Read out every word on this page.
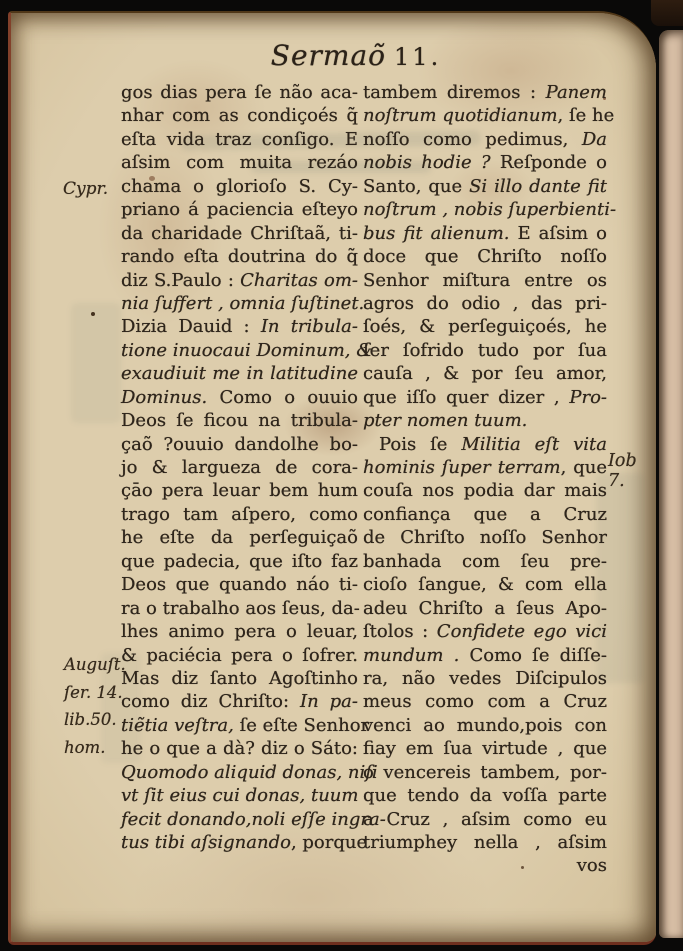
Sermaõ 11.
Cypr.
Auguſt.
ſer. 14.
lib.50.
hom.
Iob 7.
gos dias pera ſe não aca-
nhar com as condiçoés q̃
eſta vida traz conſigo. E
aſsim com muita rezáo
chama o glorioſo S. Cy-
priano á paciencia eſteyo
da charidade Chriſtaã, ti-
rando eſta doutrina do q̃
diz S.Paulo : Charitas om-
nia ſuffert , omnia ſuſtinet.
Dizia Dauid : In tribula-
tione inuocaui Dominum, &
exaudiuit me in latitudine
Dominus. Como o ouuio
Deos ſe ficou na tribula-
çaõ ?ouuio dandolhe bo-
jo & largueza de cora-
çāo pera leuar bem hum
trago tam aſpero, como
he eſte da perſeguiçaõ
que padecia, que iſto faz
Deos que quando náo ti-
ra o trabalho aos ſeus, da-
lhes animo pera o leuar,
& paciécia pera o ſofrer.
Mas diz ſanto Agoſtinho
como diz Chriſto: In pa-
tiẽtia veſtra, ſe eſte Senhor
he o que a dà? diz o Sáto:
Quomodo aliquid donas, niſi
vt ſit eius cui donas, tuum
fecit donando,noli eſſe ingra-
tus tibi aſsignando, porque
tambem diremos : Panem
noſtrum quotidianum, ſe he
noſſo como pedimus, Da
nobis hodie ? Reſponde o
Santo, que Si illo dante fit
noſtrum , nobis ſuperbienti-
bus fit alienum. E aſsim o
doce que Chriſto noſſo
Senhor miſtura entre os
agros do odio , das pri-
ſoés, & perſeguiçoés, he
ſer ſofrido tudo por ſua
cauſa , & por ſeu amor,
que iſſo quer dizer , Pro-
pter nomen tuum.
Pois ſe Militia eſt vita
hominis ſuper terram, que
couſa nos podia dar mais
confiança que a Cruz
de Chriſto noſſo Senhor
banhada com ſeu pre-
cioſo ſangue, & com ella
adeu Chriſto a ſeus Apo-
ſtolos : Confidete ego vici
mundum . Como ſe diſſe-
ra, não vedes Diſcipulos
meus como com a Cruz
venci ao mundo,pois con
fiay em ſua virtude , que
o vencereis tambem, por-
que tendo da voſſa parte
a Cruz , aſsim como eu
triumphey nella , aſsim
vos
